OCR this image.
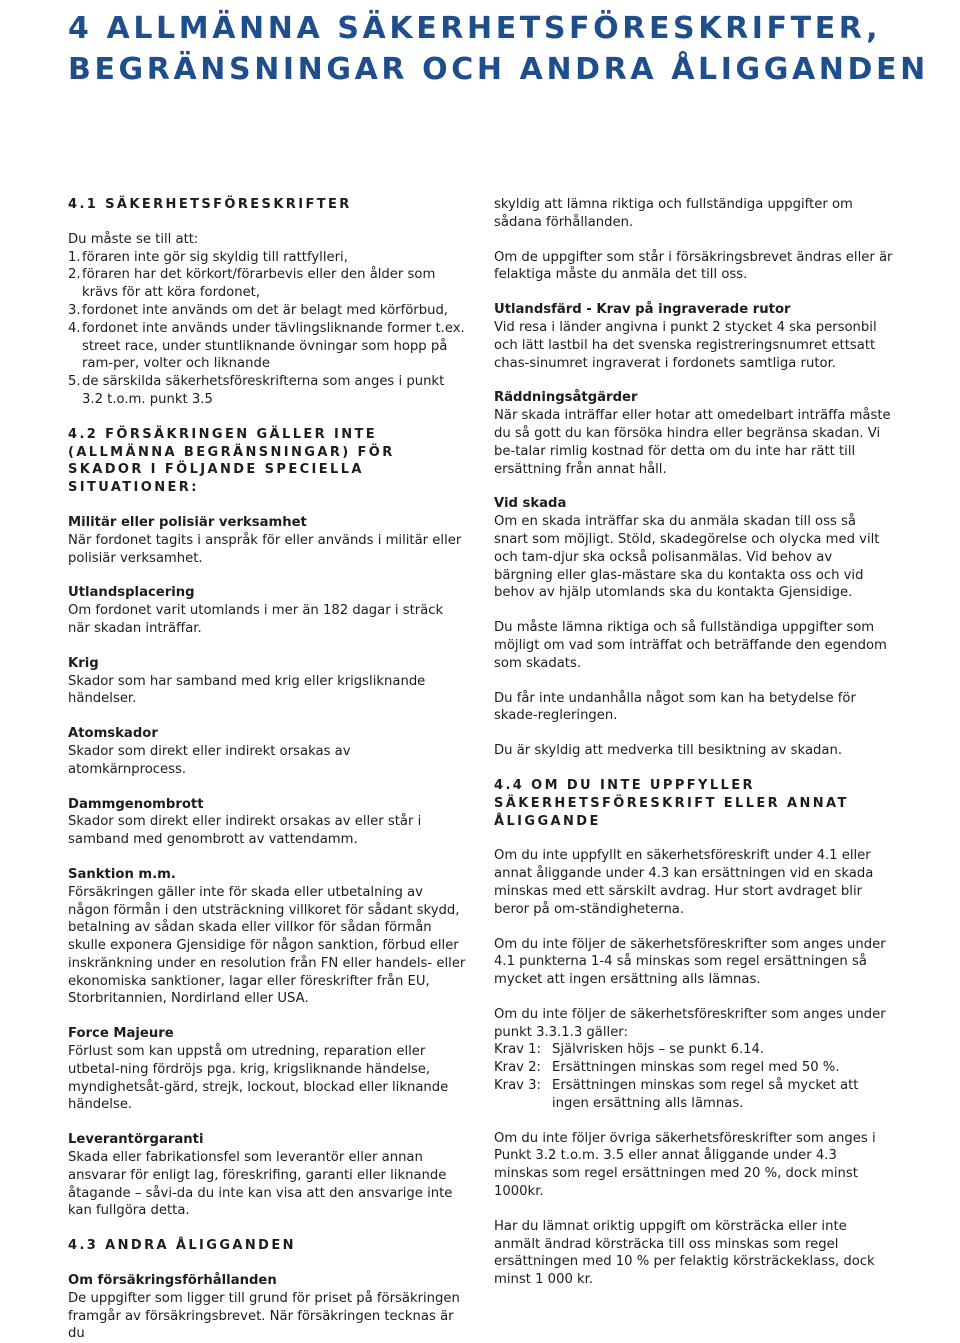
4 ALLMÄNNA SÄKERHETSFÖRESKRIFTER,
BEGRÄNSNINGAR OCH ANDRA ÅLIGGANDEN
4.1 SÄKERHETSFÖRESKRIFTER

Du måste se till att:

1. föraren inte gör sig skyldig till rattfylleri,
2. föraren har det körkort/förarbevis eller den ålder som krävs för att köra fordonet,
3. fordonet inte används om det är belagt med körförbud,
4. fordonet inte används under tävlingsliknande former t.ex. street race, under stuntliknande övningar som hopp på ram-per, volter och liknande
5. de särskilda säkerhetsföreskrifterna som anges i punkt 3.2 t.o.m. punkt 3.5
4.2 FÖRSÄKRINGEN GÄLLER INTE (ALLMÄNNA BEGRÄNSNINGAR) FÖR SKADOR I FÖLJANDE SPECIELLA SITUATIONER:
Militär eller polisiär verksamhet
När fordonet tagits i anspråk för eller används i militär eller polisiär verksamhet.
Utlandsplacering
Om fordonet varit utomlands i mer än 182 dagar i sträck när skadan inträffar.
Krig
Skador som har samband med krig eller krigsliknande händelser.
Atomskador
Skador som direkt eller indirekt orsakas av atomkärnprocess.
Dammgenombrott
Skador som direkt eller indirekt orsakas av eller står i samband med genombrott av vattendamm.
Sanktion m.m.
Försäkringen gäller inte för skada eller utbetalning av någon förmån i den utsträckning villkoret för sådant skydd, betalning av sådan skada eller villkor för sådan förmån skulle exponera Gjensidige för någon sanktion, förbud eller inskränkning under en resolution från FN eller handels- eller ekonomiska sanktioner, lagar eller föreskrifter från EU, Storbritannien, Nordirland eller USA.
Force Majeure
Förlust som kan uppstå om utredning, reparation eller utbetal-ning fördröjs pga. krig, krigsliknande händelse, myndighetsåt-gärd, strejk, lockout, blockad eller liknande händelse.
Leverantörgaranti
Skada eller fabrikationsfel som leverantör eller annan ansvarar för enligt lag, föreskrifing, garanti eller liknande åtagande – såvi-da du inte kan visa att den ansvarige inte kan fullgöra detta.
4.3 ANDRA ÅLIGGANDEN
Om försäkringsförhållanden
De uppgifter som ligger till grund för priset på försäkringen framgår av försäkringsbrevet. När försäkringen tecknas är du

skyldig att lämna riktiga och fullständiga uppgifter om sådana förhållanden.

Om de uppgifter som står i försäkringsbrevet ändras eller är felaktiga måste du anmäla det till oss.

Utlandsfärd - Krav på ingraverade rutor
Vid resa i länder angivna i punkt 2 stycket 4 ska personbil och lätt lastbil ha det svenska registreringsnumret ettsatt chas-sinumret ingraverat i fordonets samtliga rutor.
Räddningsåtgärder
När skada inträffar eller hotar att omedelbart inträffa måste du så gott du kan försöka hindra eller begränsa skadan. Vi be-talar rimlig kostnad för detta om du inte har rätt till ersättning från annat håll.
Vid skada
Om en skada inträffar ska du anmäla skadan till oss så snart som möjligt. Stöld, skadegörelse och olycka med vilt och tam-djur ska också polisanmälas. Vid behov av bärgning eller glas-mästare ska du kontakta oss och vid behov av hjälp utomlands ska du kontakta Gjensidige.

Du måste lämna riktiga och så fullständiga uppgifter som möjligt om vad som inträffat och beträffande den egendom som skadats.

Du får inte undanhålla något som kan ha betydelse för skade-regleringen.

Du är skyldig att medverka till besiktning av skadan.

4.4 OM DU INTE UPPFYLLER SÄKERHETSFÖRESKRIFT ELLER ANNAT ÅLIGGANDE

Om du inte uppfyllt en säkerhetsföreskrift under 4.1 eller annat åliggande under 4.3 kan ersättningen vid en skada minskas med ett särskilt avdrag. Hur stort avdraget blir beror på om-ständigheterna.

Om du inte följer de säkerhetsföreskrifter som anges under 4.1 punkterna 1-4 så minskas som regel ersättningen så mycket att ingen ersättning alls lämnas.

Om du inte följer de säkerhetsföreskrifter som anges under punkt 3.3.1.3 gäller:

Krav 1: Självrisken höjs – se punkt 6.14.
Krav 2: Ersättningen minskas som regel med 50 %.
Krav 3: Ersättningen minskas som regel så mycket att ingen ersättning alls lämnas.

Om du inte följer övriga säkerhetsföreskrifter som anges i Punkt 3.2 t.o.m. 3.5 eller annat åliggande under 4.3 minskas som regel ersättningen med 20 %, dock minst 1000kr.

Har du lämnat oriktig uppgift om körsträcka eller inte anmält ändrad körsträcka till oss minskas som regel ersättningen med 10 % per felaktig körsträckeklass, dock minst 1 000 kr.
